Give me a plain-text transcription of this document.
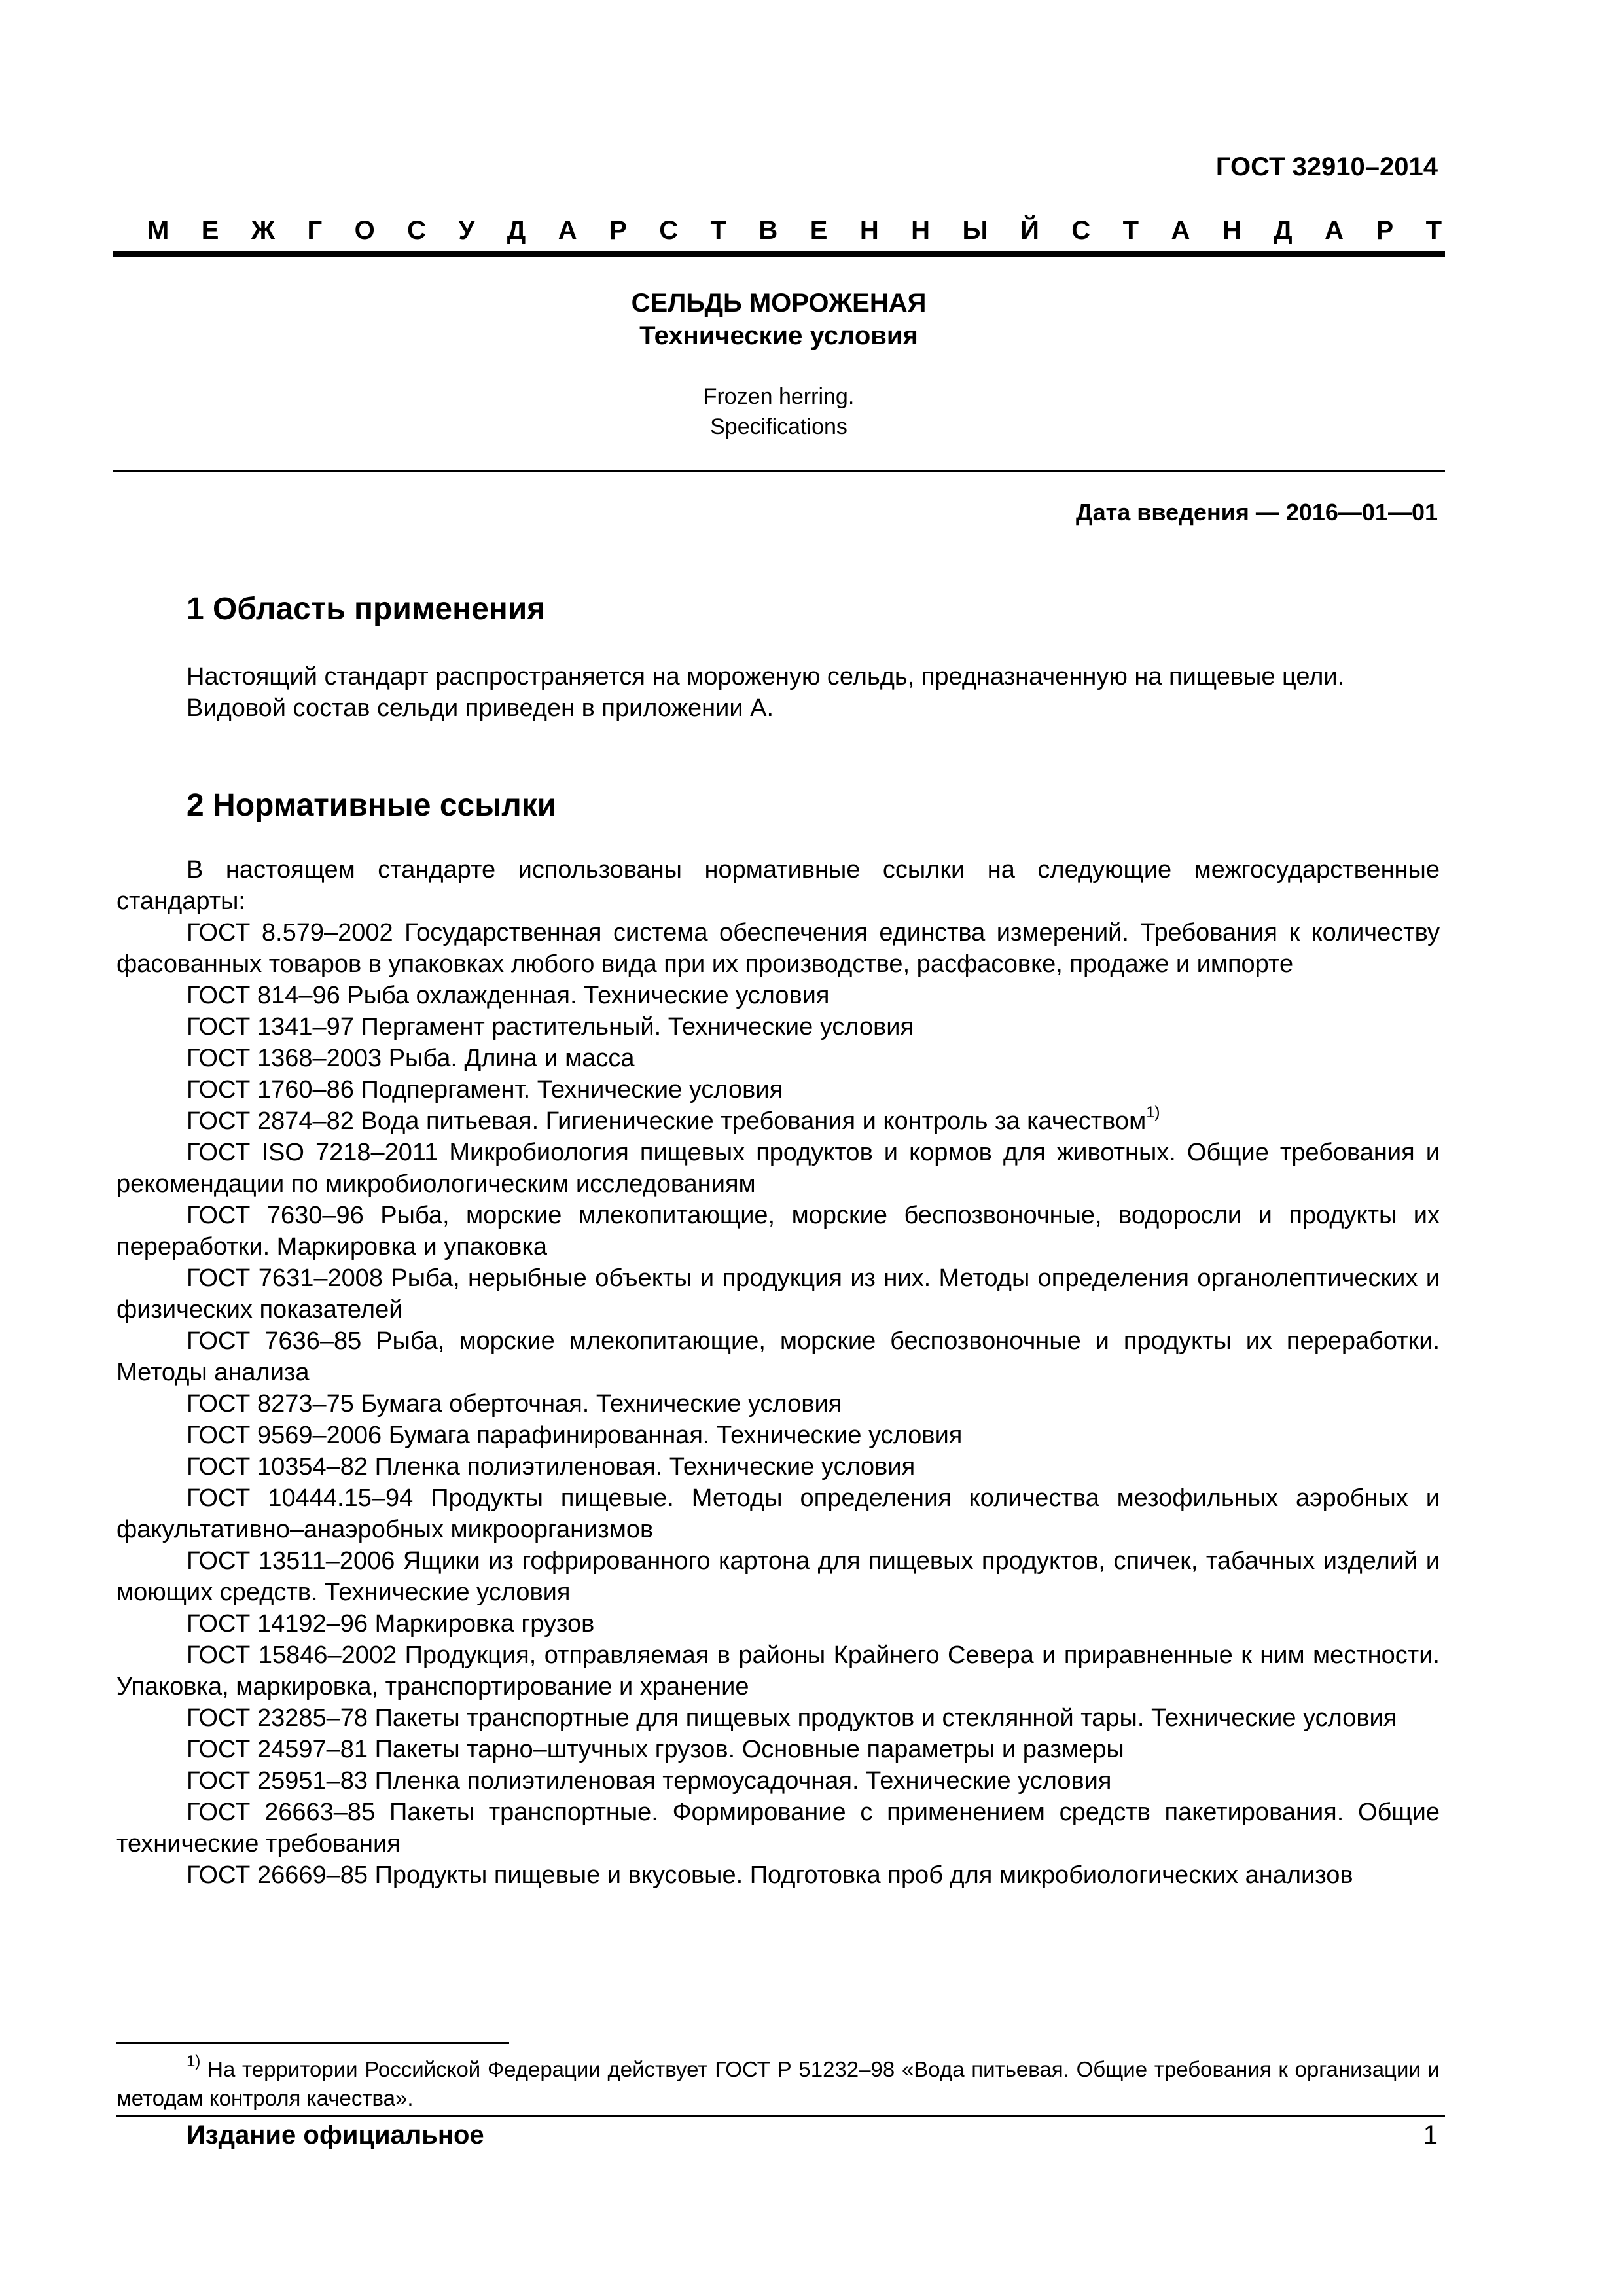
ГОСТ 32910–2014
М Е Ж Г О С У Д А Р С Т В Е Н Н Ы Й С Т А Н Д А Р Т
СЕЛЬДЬ МОРОЖЕНАЯ
Технические условия
Frozen herring.
Specifications
Дата введения — 2016—01—01
1 Область применения

Настоящий стандарт распространяется на мороженую сельдь, предназначенную на пищевые цели.

Видовой состав сельди приведен в приложении А.

2 Нормативные ссылки

В настоящем стандарте использованы нормативные ссылки на следующие межгосударственные стандарты:

ГОСТ 8.579–2002 Государственная система обеспечения единства измерений. Требования к количеству фасованных товаров в упаковках любого вида при их производстве, расфасовке, продаже и импорте

ГОСТ 814–96 Рыба охлажденная. Технические условия

ГОСТ 1341–97 Пергамент растительный. Технические условия

ГОСТ 1368–2003 Рыба. Длина и масса

ГОСТ 1760–86 Подпергамент. Технические условия

ГОСТ 2874–82 Вода питьевая. Гигиенические требования и контроль за качеством$^{1)}$

ГОСТ ISO 7218–2011 Микробиология пищевых продуктов и кормов для животных. Общие требования и рекомендации по микробиологическим исследованиям

ГОСТ 7630–96 Рыба, морские млекопитающие, морские беспозвоночные, водоросли и продукты их переработки. Маркировка и упаковка

ГОСТ 7631–2008 Рыба, нерыбные объекты и продукция из них. Методы определения органолептических и физических показателей

ГОСТ 7636–85 Рыба, морские млекопитающие, морские беспозвоночные и продукты их переработки. Методы анализа

ГОСТ 8273–75 Бумага оберточная. Технические условия

ГОСТ 9569–2006 Бумага парафинированная. Технические условия

ГОСТ 10354–82 Пленка полиэтиленовая. Технические условия

ГОСТ 10444.15–94 Продукты пищевые. Методы определения количества мезофильных аэробных и факультативно–анаэробных микроорганизмов

ГОСТ 13511–2006 Ящики из гофрированного картона для пищевых продуктов, спичек, табачных изделий и моющих средств. Технические условия

ГОСТ 14192–96 Маркировка грузов

ГОСТ 15846–2002 Продукция, отправляемая в районы Крайнего Севера и приравненные к ним местности. Упаковка, маркировка, транспортирование и хранение

ГОСТ 23285–78 Пакеты транспортные для пищевых продуктов и стеклянной тары. Технические условия

ГОСТ 24597–81 Пакеты тарно–штучных грузов. Основные параметры и размеры

ГОСТ 25951–83 Пленка полиэтиленовая термоусадочная. Технические условия

ГОСТ 26663–85 Пакеты транспортные. Формирование с применением средств пакетирования. Общие технические требования

ГОСТ 26669–85 Продукты пищевые и вкусовые. Подготовка проб для микробиологических анализов

$^{1)}$ На территории Российской Федерации действует ГОСТ Р 51232–98 «Вода питьевая. Общие требования к организации и методам контроля качества».
Издание официальное	1
